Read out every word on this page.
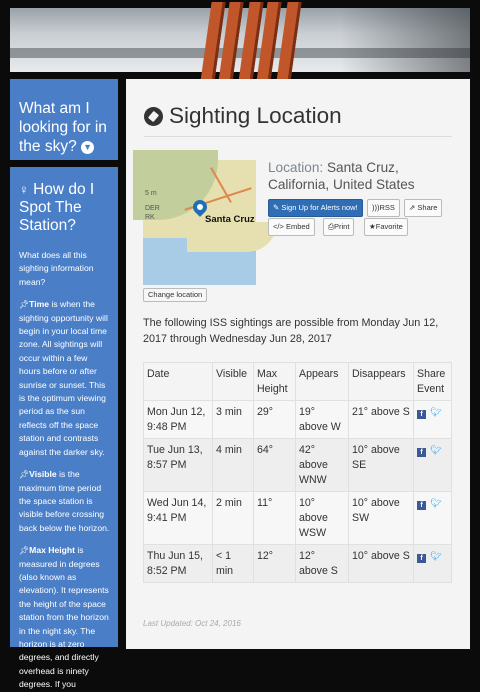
What am I looking for in the sky? ▼
♀ How do I Spot The Station?

What does all this sighting information mean?

📌︎Time is when the sighting opportunity will begin in your local time zone. All sightings will occur within a few hours before or after sunrise or sunset. This is the optimum viewing period as the sun reflects off the space station and contrasts against the darker sky.

📌︎Visible is the maximum time period the space station is visible before crossing back below the horizon.

📌︎Max Height is measured in degrees (also known as elevation). It represents the height of the space station from the horizon in the night sky. The horizon is at zero degrees, and directly overhead is ninety degrees. If you

Sighting Location
5 m
DER
RK	Santa Cruz
Change location
Location: Santa Cruz, California, United States
✎ Sign Up for Alerts now!	)))RSS	⇗ Share
</> Embed	⎙Print	★Favorite

The following ISS sightings are possible from Monday Jun 12, 2017 through Wednesday Jun 28, 2017

Date	Visible	Max Height	Appears	Disappears	Share Event
Mon Jun 12, 9:48 PM	3 min	29°	19° above W	21° above S	f 🐦︎
Tue Jun 13, 8:57 PM	4 min	64°	42° above WNW	10° above SE	f 🐦︎
Wed Jun 14, 9:41 PM	2 min	11°	10° above WSW	10° above SW	f 🐦︎
Thu Jun 15, 8:52 PM	< 1 min	12°	12° above S	10° above S	f 🐦︎
Last Updated: Oct 24, 2016
